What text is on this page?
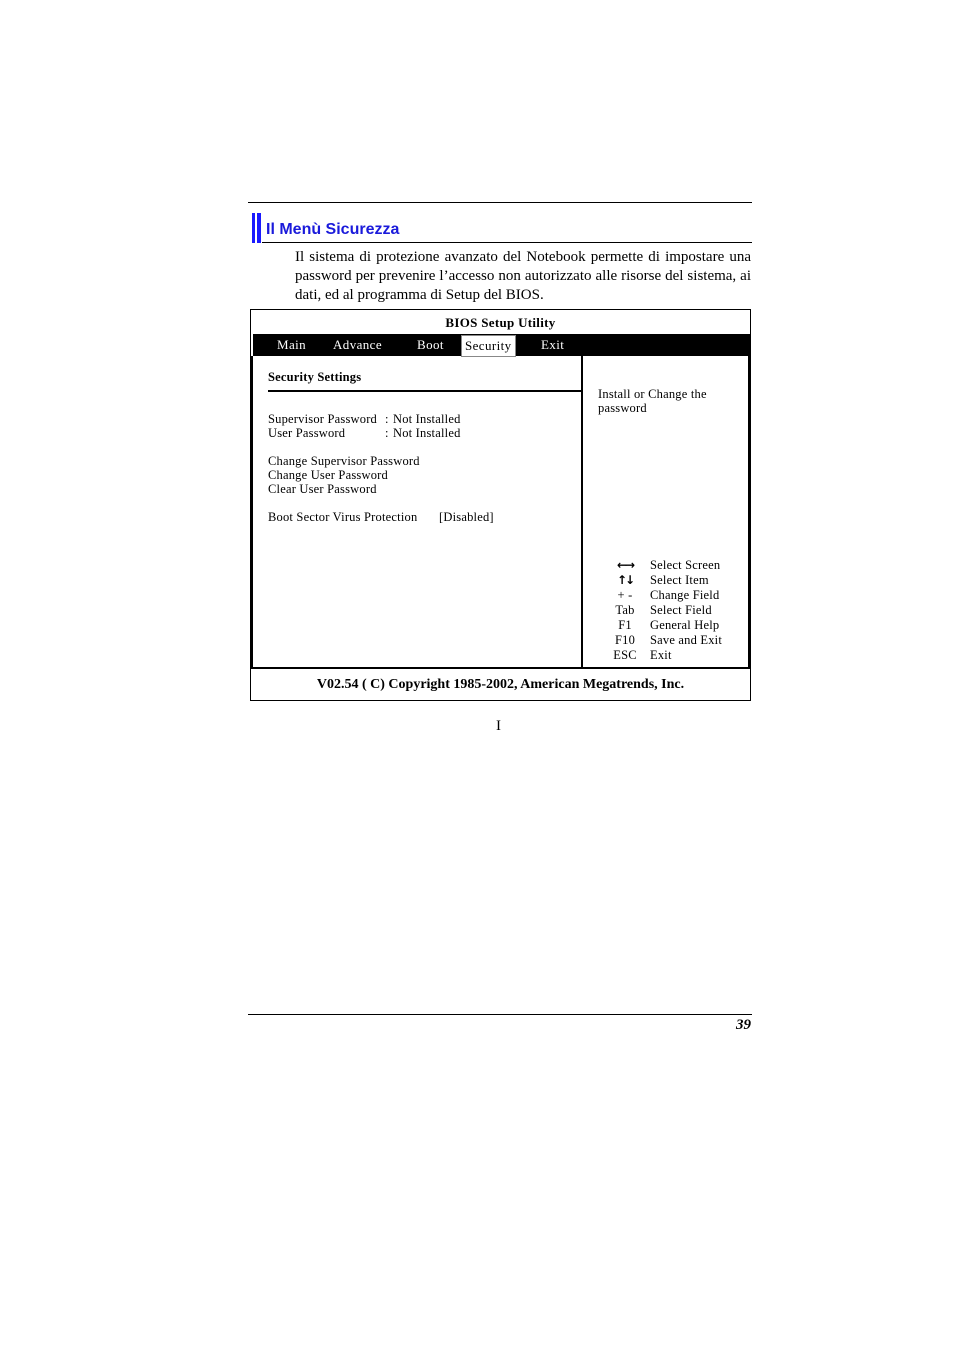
Il Menù Sicurezza
Il sistema di protezione avanzato del Notebook permette di impostare una password per prevenire l’accesso non autorizzato alle risorse del sistema, ai dati, ed al programma di Setup del BIOS.
BIOS Setup Utility
Main Advance	Boot	Security	Exit
Security Settings
Supervisor Password : Not Installed
User Password	: Not Installed
Change Supervisor Password
Change User Password
Clear User Password
Boot Sector Virus Protection [Disabled]
Install or Change the password
←→	Select Screen
↑↓	Select Item
+ -	Change Field
Tab	Select Field
F1	General Help
F10	Save and Exit
ESC	Exit
V02.54 ( C) Copyright 1985-2002, American Megatrends, Inc.
I
39
